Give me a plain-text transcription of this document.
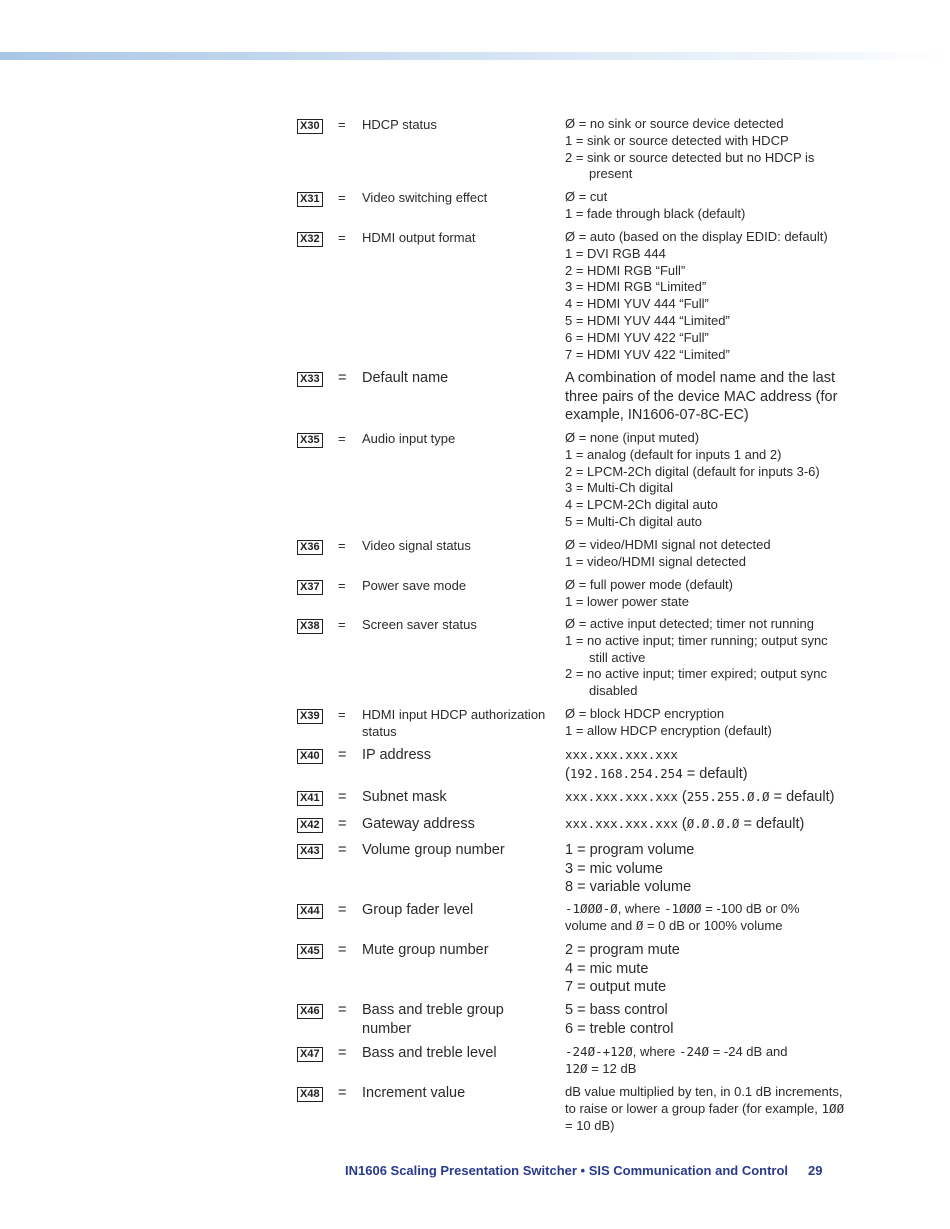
X30 = HDCP status	Ø = no sink or source device detected
1 = sink or source detected with HDCP
2 = sink or source detected but no HDCP is
present
X31 = Video switching effect	Ø = cut
1 = fade through black (default)
X32 = HDMI output format	Ø = auto (based on the display EDID: default)
1 = DVI RGB 444
2 = HDMI RGB “Full”
3 = HDMI RGB “Limited”
4 = HDMI YUV 444 “Full”
5 = HDMI YUV 444 “Limited”
6 = HDMI YUV 422 “Full”
7 = HDMI YUV 422 “Limited”
X33 = Default name	A combination of model name and the last three pairs of the device MAC address (for example, IN1606-07-8C-EC)
X35 = Audio input type	Ø = none (input muted)
1 = analog (default for inputs 1 and 2)
2 = LPCM-2Ch digital (default for inputs 3-6)
3 = Multi-Ch digital
4 = LPCM-2Ch digital auto
5 = Multi-Ch digital auto
X36 = Video signal status	Ø = video/HDMI signal not detected
1 = video/HDMI signal detected
X37 = Power save mode	Ø = full power mode (default)
1 = lower power state
X38 = Screen saver status	Ø = active input detected; timer not running
1 = no active input; timer running; output sync
still active
2 = no active input; timer expired; output sync
disabled
X39 = HDMI input HDCP authorization status
Ø = block HDCP encryption
1 = allow HDCP encryption (default)
X40 = IP address	xxx.xxx.xxx.xxx
(192.168.254.254 = default)
X41 = Subnet mask	xxx.xxx.xxx.xxx (255.255.Ø.Ø = default)
X42 = Gateway address	xxx.xxx.xxx.xxx (Ø.Ø.Ø.Ø = default)
X43 = Volume group number	1 = program volume
3 = mic volume
8 = variable volume
X44 = Group fader level	-1ØØØ-Ø, where -1ØØØ = -100 dB or 0%
volume and Ø = 0 dB or 100% volume
X45 = Mute group number	2 = program mute
4 = mic mute
7 = output mute
X46 = Bass and treble group number
5 = bass control
6 = treble control
X47 = Bass and treble level	-24Ø-+12Ø, where -24Ø = -24 dB and
12Ø = 12 dB
X48 = Increment value	dB value multiplied by ten, in 0.1 dB increments,
to raise or lower a group fader (for example, 1ØØ
= 10 dB)
IN1606 Scaling Presentation Switcher • SIS Communication and Control 29
